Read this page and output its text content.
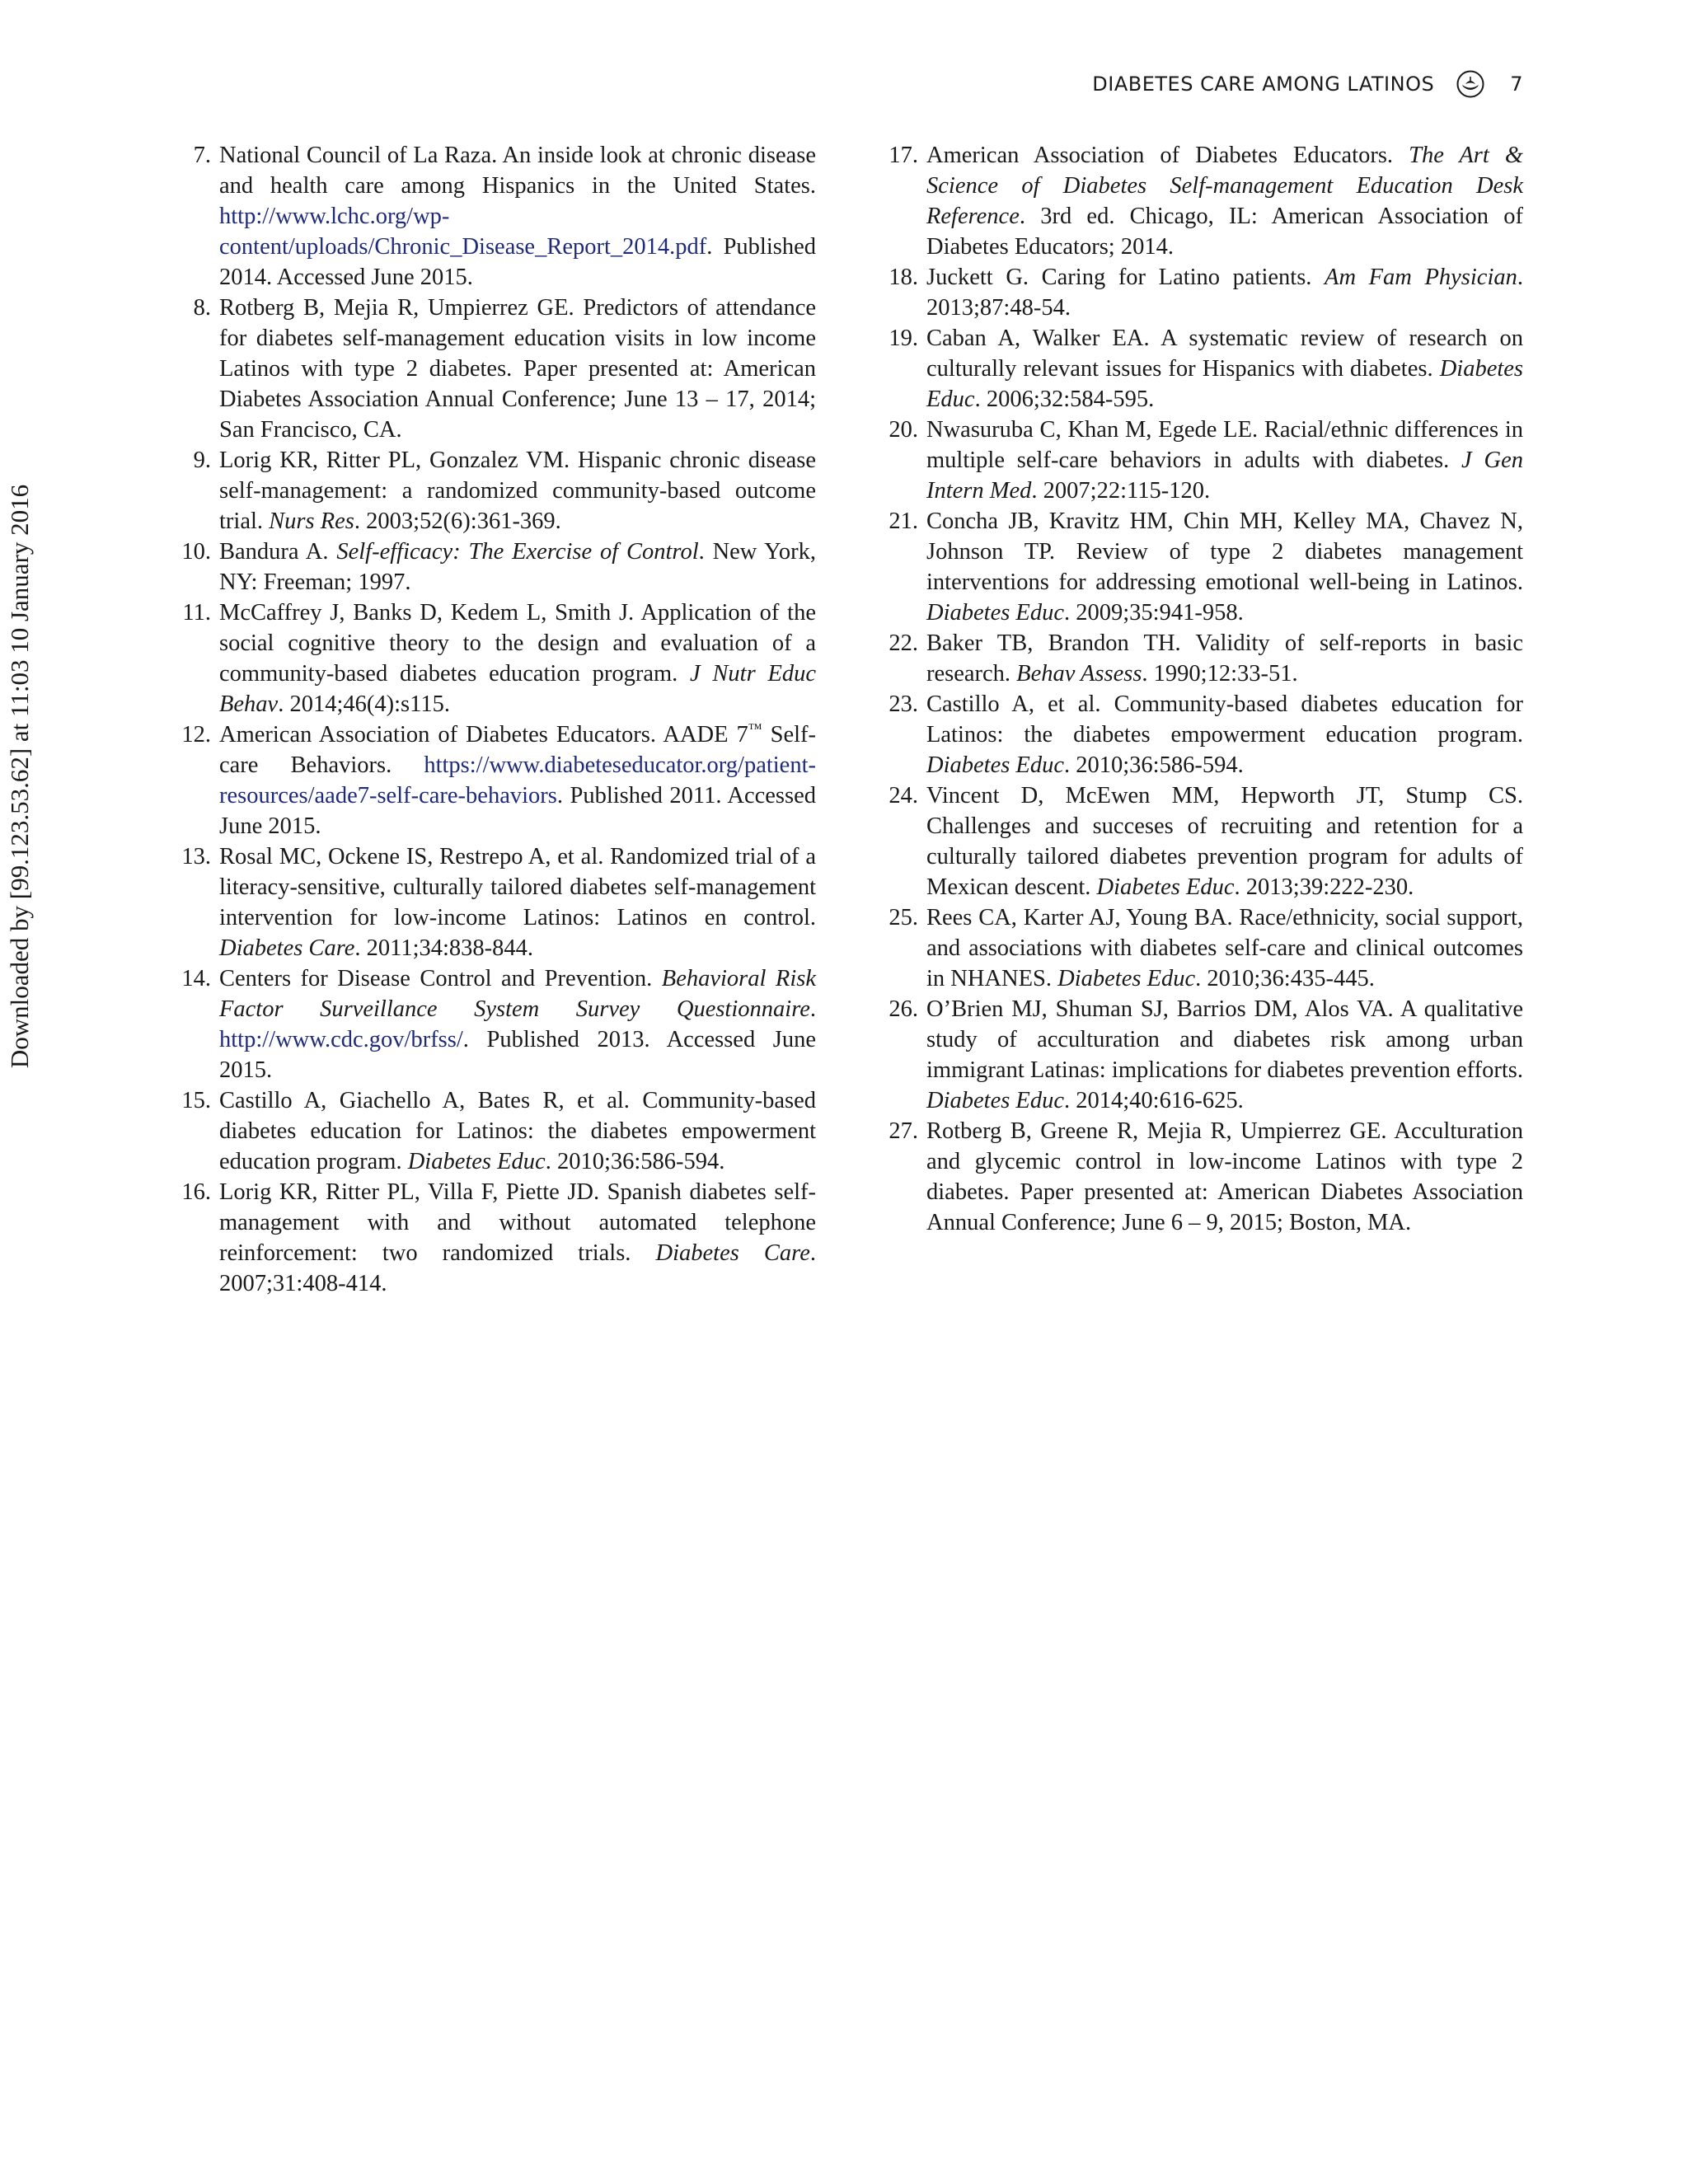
DIABETES CARE AMONG LATINOS	7
Downloaded by [99.123.53.62] at 11:03 10 January 2016
7. National Council of La Raza. An inside look at chronic disease and health care among Hispanics in the United States. http://www.lchc.org/wp-content/uploads/Chronic_Disease_Report_2014.pdf. Published 2014. Accessed June 2015.
8. Rotberg B, Mejia R, Umpierrez GE. Predictors of attendance for diabetes self-management education visits in low income Latinos with type 2 diabetes. Paper presented at: American Diabetes Association Annual Conference; June 13 – 17, 2014; San Francisco, CA.
9. Lorig KR, Ritter PL, Gonzalez VM. Hispanic chronic disease self-management: a randomized community-based outcome trial. Nurs Res. 2003;52(6):361-369.
10. Bandura A. Self-efficacy: The Exercise of Control. New York, NY: Freeman; 1997.
11. McCaffrey J, Banks D, Kedem L, Smith J. Application of the social cognitive theory to the design and evaluation of a community-based diabetes education program. J Nutr Educ Behav. 2014;46(4):s115.
12. American Association of Diabetes Educators. AADE 7™ Self-care Behaviors. https://www.diabeteseducator.org/patient-resources/aade7-self-care-behaviors. Published 2011. Accessed June 2015.
13. Rosal MC, Ockene IS, Restrepo A, et al. Randomized trial of a literacy-sensitive, culturally tailored diabetes self-management intervention for low-income Latinos: Latinos en control. Diabetes Care. 2011;34:838-844.
14. Centers for Disease Control and Prevention. Behavioral Risk Factor Surveillance System Survey Questionnaire. http://www.cdc.gov/brfss/. Published 2013. Accessed June 2015.
15. Castillo A, Giachello A, Bates R, et al. Community-based diabetes education for Latinos: the diabetes empowerment education program. Diabetes Educ. 2010;36:586-594.
16. Lorig KR, Ritter PL, Villa F, Piette JD. Spanish diabetes self-management with and without automated telephone reinforcement: two randomized trials. Diabetes Care. 2007;31:408-414.
17. American Association of Diabetes Educators. The Art & Science of Diabetes Self-management Education Desk Reference. 3rd ed. Chicago, IL: American Association of Diabetes Educators; 2014.
18. Juckett G. Caring for Latino patients. Am Fam Physician. 2013;87:48-54.
19. Caban A, Walker EA. A systematic review of research on culturally relevant issues for Hispanics with diabetes. Diabetes Educ. 2006;32:584-595.
20. Nwasuruba C, Khan M, Egede LE. Racial/ethnic differences in multiple self-care behaviors in adults with diabetes. J Gen Intern Med. 2007;22:115-120.
21. Concha JB, Kravitz HM, Chin MH, Kelley MA, Chavez N, Johnson TP. Review of type 2 diabetes management interventions for addressing emotional well-being in Latinos. Diabetes Educ. 2009;35:941-958.
22. Baker TB, Brandon TH. Validity of self-reports in basic research. Behav Assess. 1990;12:33-51.
23. Castillo A, et al. Community-based diabetes education for Latinos: the diabetes empowerment education program. Diabetes Educ. 2010;36:586-594.
24. Vincent D, McEwen MM, Hepworth JT, Stump CS. Challenges and succeses of recruiting and retention for a culturally tailored diabetes prevention program for adults of Mexican descent. Diabetes Educ. 2013;39:222-230.
25. Rees CA, Karter AJ, Young BA. Race/ethnicity, social support, and associations with diabetes self-care and clinical outcomes in NHANES. Diabetes Educ. 2010;36:435-445.
26. O’Brien MJ, Shuman SJ, Barrios DM, Alos VA. A qualitative study of acculturation and diabetes risk among urban immigrant Latinas: implications for diabetes prevention efforts. Diabetes Educ. 2014;40:616-625.
27. Rotberg B, Greene R, Mejia R, Umpierrez GE. Acculturation and glycemic control in low-income Latinos with type 2 diabetes. Paper presented at: American Diabetes Association Annual Conference; June 6 – 9, 2015; Boston, MA.
